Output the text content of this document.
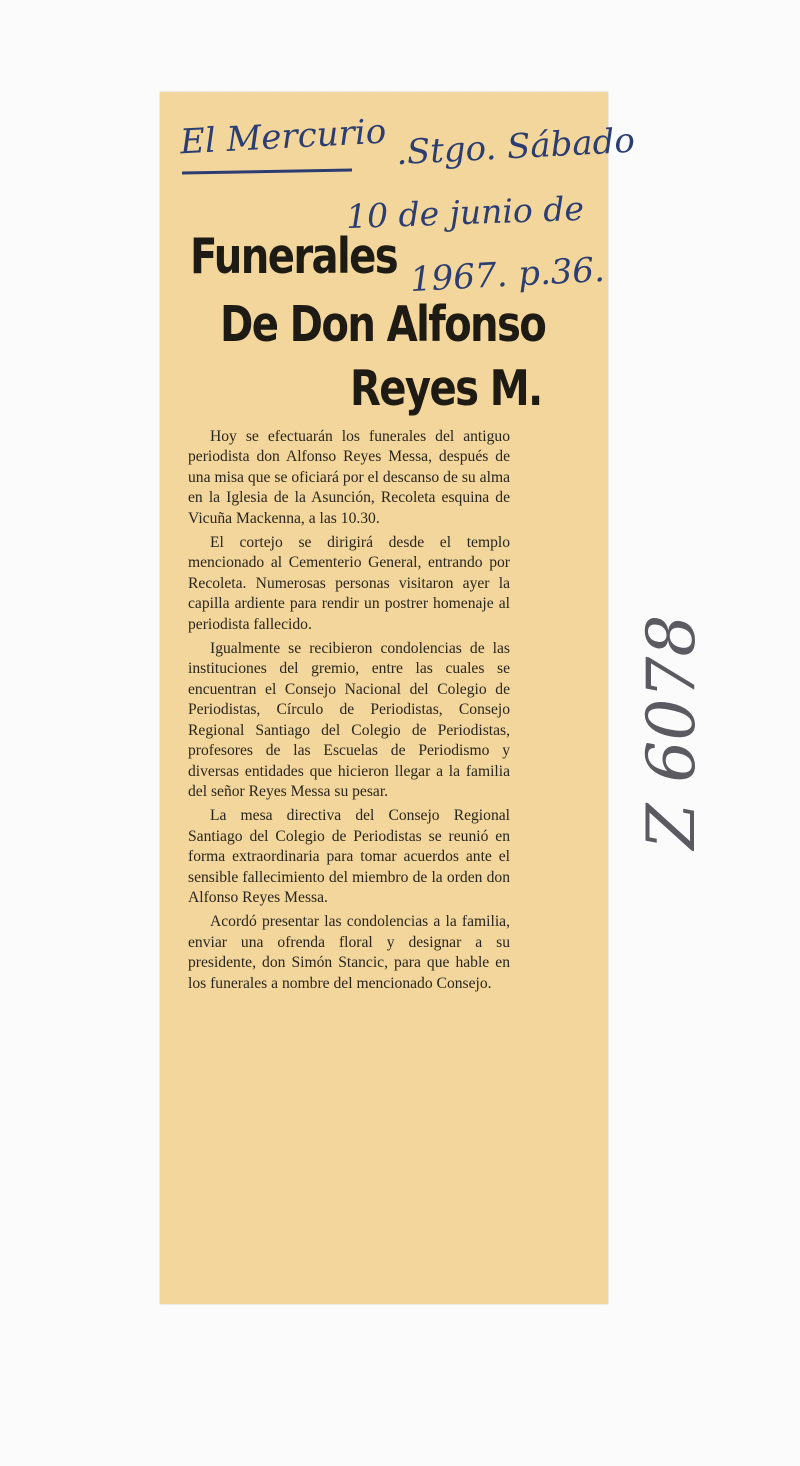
El Mercurio .Stgo. Sábado

10 de junio de

1967. p.36.

Funerales
De Don Alfonso
Reyes M.

Hoy se efectuarán los funerales del antiguo periodista don Alfonso Reyes Messa, después de una misa que se oficiará por el descanso de su alma en la Iglesia de la Asunción, Recoleta esquina de Vicuña Mackenna, a las 10.30.

El cortejo se dirigirá desde el templo mencionado al Cementerio General, entrando por Recoleta. Numerosas personas visitaron ayer la capilla ardiente para rendir un postrer homenaje al periodista fallecido.

Igualmente se recibieron condolencias de las instituciones del gremio, entre las cuales se encuentran el Consejo Nacional del Colegio de Periodistas, Círculo de Periodistas, Consejo Regional Santiago del Colegio de Periodistas, profesores de las Escuelas de Periodismo y diversas entidades que hicieron llegar a la familia del señor Reyes Messa su pesar.

La mesa directiva del Consejo Regional Santiago del Colegio de Periodistas se reunió en forma extraordinaria para tomar acuerdos ante el sensible fallecimiento del miembro de la orden don Alfonso Reyes Messa.

Acordó presentar las condolencias a la familia, enviar una ofrenda floral y designar a su presidente, don Simón Stancic, para que hable en los funerales a nombre del mencionado Consejo.

Z 6078
